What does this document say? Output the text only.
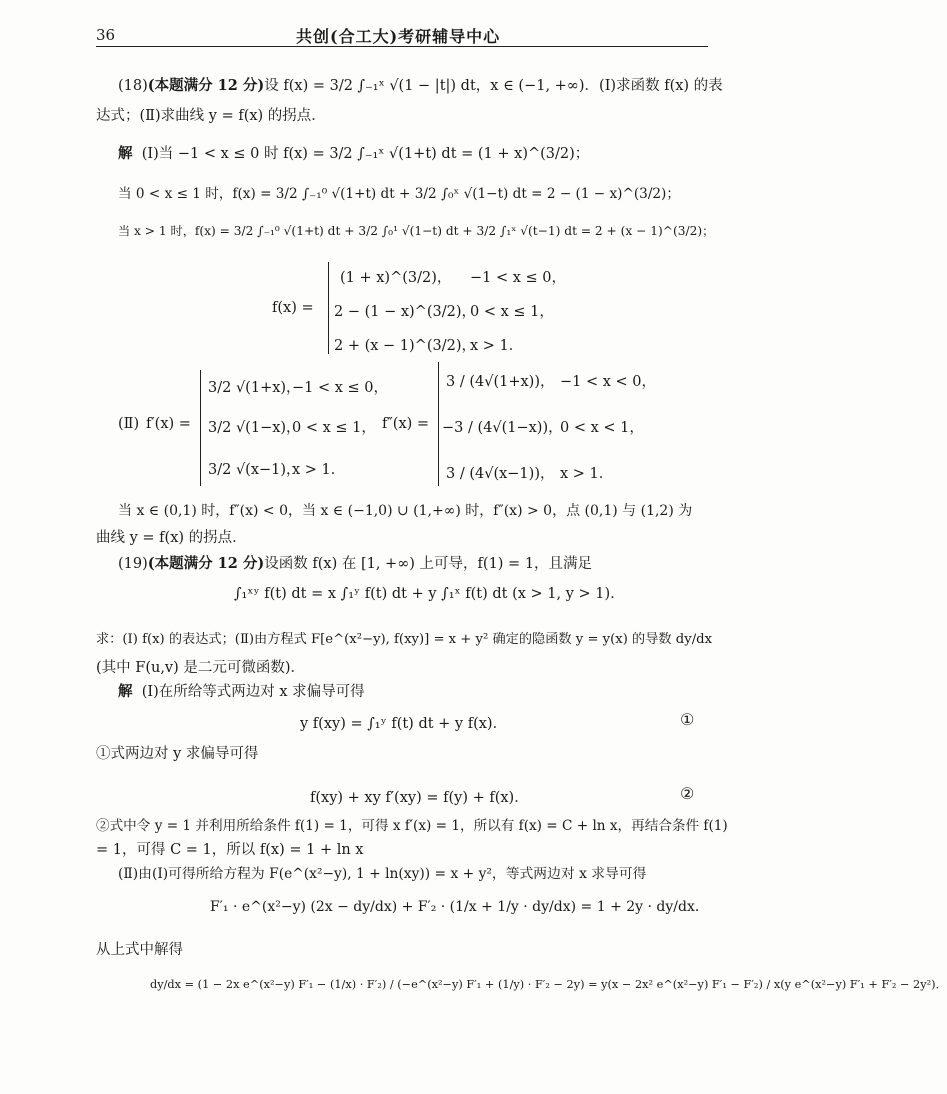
36	共创(合工大)考研辅导中心
(18)(本题满分 12 分)设 f(x) = 3/2 ∫₋₁ˣ √(1 − |t|) dt，x ∈ (−1, +∞)．(Ⅰ)求函数 f(x) 的表
达式；(Ⅱ)求曲线 y = f(x) 的拐点．
解 (Ⅰ)当 −1 < x ≤ 0 时 f(x) = 3/2 ∫₋₁ˣ √(1+t) dt = (1 + x)^(3/2)；
当 0 < x ≤ 1 时，f(x) = 3/2 ∫₋₁⁰ √(1+t) dt + 3/2 ∫₀ˣ √(1−t) dt = 2 − (1 − x)^(3/2)；
当 x > 1 时，f(x) = 3/2 ∫₋₁⁰ √(1+t) dt + 3/2 ∫₀¹ √(1−t) dt + 3/2 ∫₁ˣ √(t−1) dt = 2 + (x − 1)^(3/2)；
f(x) =
(1 + x)^(3/2)， −1 < x ≤ 0，
2 − (1 − x)^(3/2)，
0 < x ≤ 1，
2 + (x − 1)^(3/2)，
x > 1．
(Ⅱ) f′(x) =
3/2 √(1+x)，
−1 < x ≤ 0，
3/2 √(1−x)，
0 < x ≤ 1，
3/2 √(x−1)，
x > 1．
f″(x) =
3 / (4√(1+x))， −1 < x < 0，
−3 / (4√(1−x))，
0 < x < 1，
3 / (4√(x−1))， x > 1．
当 x ∈ (0,1) 时，f″(x) < 0，当 x ∈ (−1,0) ∪ (1,+∞) 时，f″(x) > 0，点 (0,1) 与 (1,2) 为
曲线 y = f(x) 的拐点．
(19)(本题满分 12 分)设函数 f(x) 在 [1, +∞) 上可导，f(1) = 1，且满足
∫₁ˣʸ f(t) dt = x ∫₁ʸ f(t) dt + y ∫₁ˣ f(t) dt (x > 1, y > 1)．
求：(Ⅰ) f(x) 的表达式；(Ⅱ)由方程式 F[e^(x²−y), f(xy)] = x + y² 确定的隐函数 y = y(x) 的导数 dy/dx
(其中 F(u,v) 是二元可微函数)．
解 (Ⅰ)在所给等式两边对 x 求偏导可得
y f(xy) = ∫₁ʸ f(t) dt + y f(x)．	①
①式两边对 y 求偏导可得
f(xy) + xy f′(xy) = f(y) + f(x)．	②
②式中令 y = 1 并利用所给条件 f(1) = 1，可得 x f′(x) = 1，所以有 f(x) = C + ln x，再结合条件 f(1)
= 1，可得 C = 1，所以 f(x) = 1 + ln x
(Ⅱ)由(Ⅰ)可得所给方程为 F(e^(x²−y), 1 + ln(xy)) = x + y²，等式两边对 x 求导可得
F′₁ · e^(x²−y) (2x − dy/dx) + F′₂ · (1/x + 1/y · dy/dx) = 1 + 2y · dy/dx．
从上式中解得
dy/dx = (1 − 2x e^(x²−y) F′₁ − (1/x) · F′₂) / (−e^(x²−y) F′₁ + (1/y) · F′₂ − 2y) = y(x − 2x² e^(x²−y) F′₁ − F′₂) / x(y e^(x²−y) F′₁ + F′₂ − 2y²)．
